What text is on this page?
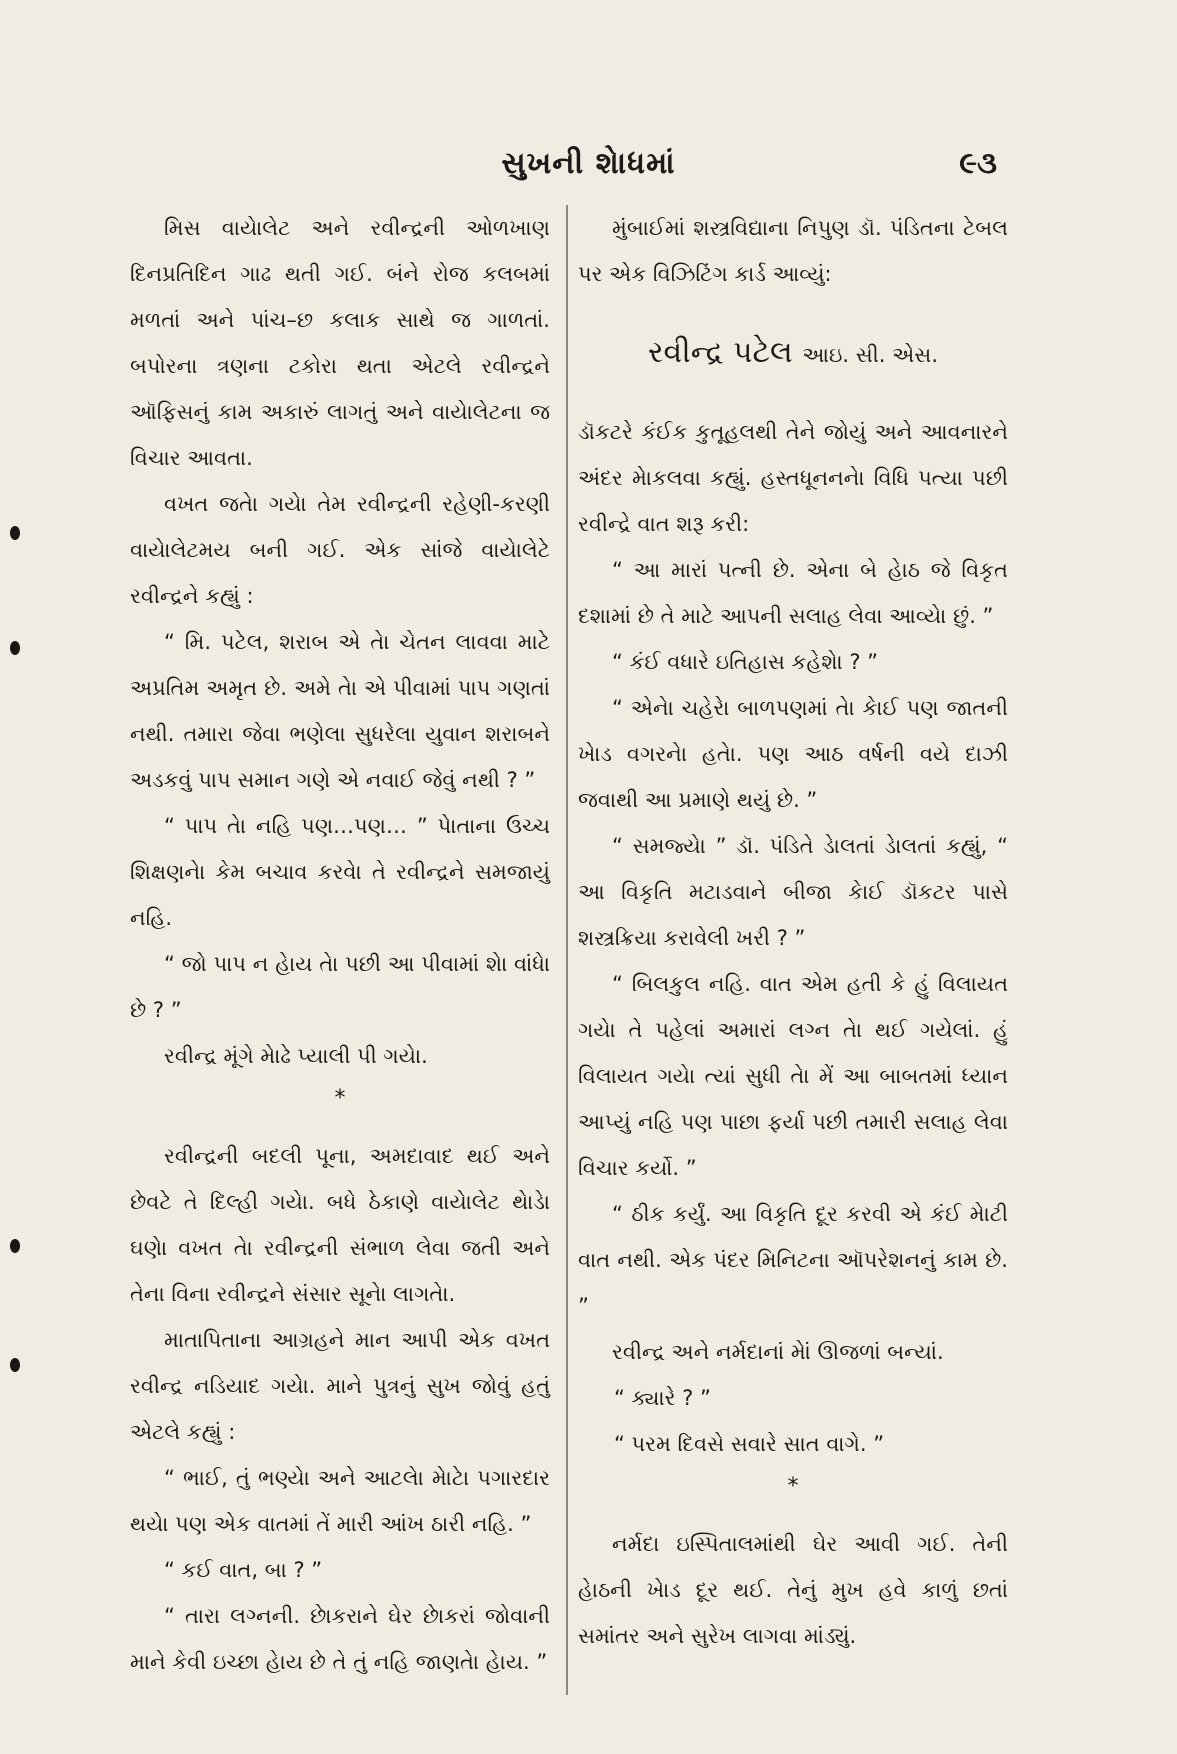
સુખની શેાધમાં	૯૩

મિસ વાયેાલેટ અને રવીન્દ્રની ઓળખાણ દિનપ્રતિદિન ગાઢ થતી ગઈ. બંને રોજ કલબમાં મળતાં અને પાંચ–છ કલાક સાથે જ ગાળતાં. બપોરના ત્રણના ટકોરા થતા એટલે રવીન્દ્રને ઑફિસનું કામ અકારું લાગતું અને વાયેાલેટના જ વિચાર આવતા.

વખત જતેા ગયેા તેમ રવીન્દ્રની રહેણી-કરણી વાયેાલેટમય બની ગઈ. એક સાંજે વાયેાલેટે રવીન્દ્રને કહ્યું :

“ મિ. પટેલ, શરાબ એ તેા ચેતન લાવવા માટે અપ્રતિમ અમૃત છે. અમે તેા એ પીવામાં પાપ ગણતાં નથી. તમારા જેવા ભણેલા સુધરેલા યુવાન શરાબને અડકવું પાપ સમાન ગણે એ નવાઈ જેવું નથી ? ”

“ પાપ તેા નહિ પણ…પણ… ” પેાતાના ઉચ્ચ શિક્ષણનેા કેમ બચાવ કરવેા તે રવીન્દ્રને સમજાયું નહિ.

“ જો પાપ ન હેાય તેા પછી આ પીવામાં શેા વાંધેા છે ? ”

રવીન્દ્ર મૂંગે મેાઢે પ્યાલી પી ગયેા.

*

રવીન્દ્રની બદલી પૂના, અમદાવાદ થઈ અને છેવટે તે દિલ્હી ગયેા. બધે ઠેકાણે વાયેાલેટ થેાડેા ઘણેા વખત તેા રવીન્દ્રની સંભાળ લેવા જતી અને તેના વિના રવીન્દ્રને સંસાર સૂનેા લાગતેા.

માતાપિતાના આગ્રહને માન આપી એક વખત રવીન્દ્ર નડિયાદ ગયેા. માને પુત્રનું સુખ જોવું હતું એટલે કહ્યું :

“ ભાઈ, તું ભણ્યેા અને આટલેા મેાટેા પગારદાર થયેા પણ એક વાતમાં તેં મારી આંખ ઠારી નહિ. ”

“ કઈ વાત, બા ? ”

“ તારા લગ્નની. છેાકરાને ઘેર છેાકરાં જોવાની માને કેવી ઇચ્છા હેાય છે તે તું નહિ જાણતેા હેાય. ”

મુંબાઈમાં શસ્ત્રવિદ્યાના નિપુણ ડૉ. પંડિતના ટેબલ પર એક વિઝિટિંગ કાર્ડ આવ્યું:

રવીન્દ્ર પટેલ આઇ. સી. એસ.

ડૉકટરે કંઈક કુતૂહલથી તેને જોયું અને આવનારને અંદર મેાકલવા કહ્યું. હસ્તધૂનનનેા વિધિ પત્યા પછી રવીન્દ્રે વાત શરૂ કરી:

“ આ મારાં પત્ની છે. એના બે હેાઠ જે વિકૃત દશામાં છે તે માટે આપની સલાહ લેવા આવ્યેા છું. ”

“ કંઈ વધારે ઇતિહાસ કહેશેા ? ”

“ એનેા ચહેરેા બાળપણમાં તેા કેાઈ પણ જાતની ખેાડ વગરનેા હતેા. પણ આઠ વર્ષની વયે દાઝી જવાથી આ પ્રમાણે થયું છે. ”

“ સમજ્યેા ” ડૉ. પંડિતે ડેાલતાં ડેાલતાં કહ્યું, “ આ વિકૃતિ મટાડવાને બીજા કેાઈ ડૉકટર પાસે શસ્ત્રક્રિયા કરાવેલી ખરી ? ”

“ બિલકુલ નહિ. વાત એમ હતી કે હું વિલાયત ગયેા તે પહેલાં અમારાં લગ્ન તેા થઈ ગયેલાં. હું વિલાયત ગયેા ત્યાં સુધી તેા મેં આ બાબતમાં ધ્યાન આપ્યું નહિ પણ પાછા ફર્યા પછી તમારી સલાહ લેવા વિચાર કર્યો. ”

“ ઠીક કર્યું. આ વિકૃતિ દૂર કરવી એ કંઈ મેાટી વાત નથી. એક પંદર મિનિટના ઑપરેશનનું કામ છે. ”

રવીન્દ્ર અને નર્મદાનાં મેાં ઊજળાં બન્યાં.

“ ક્યારે ? ”

“ પરમ દિવસે સવારે સાત વાગે. ”

*

નર્મદા ઇસ્પિતાલમાંથી ઘેર આવી ગઈ. તેની હેાઠની ખેાડ દૂર થઈ. તેનું મુખ હવે કાળું છતાં સમાંતર અને સુરેખ લાગવા માંડ્યું.
